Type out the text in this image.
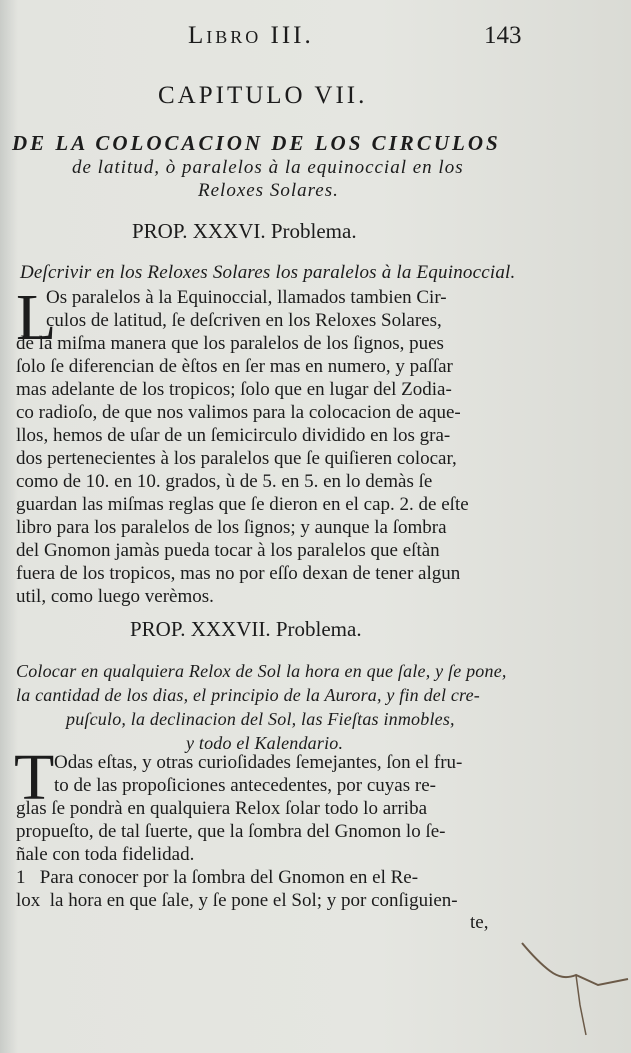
Libro III.	143
CAPITULO VII.
DE LA COLOCACION DE LOS CIRCULOS
de latitud, ò paralelos à la equinoccial en los
Reloxes Solares.
PROP. XXXVI. Problema.
Deſcrivir en los Reloxes Solares los paralelos à la Equinoccial.
L
Os paralelos à la Equinoccial, llamados tambien Cir-
culos de latitud, ſe deſcriven en los Reloxes Solares,
de la miſma manera que los paralelos de los ſignos, pues
ſolo ſe diferencian de èſtos en ſer mas en numero, y paſſar
mas adelante de los tropicos; ſolo que en lugar del Zodia-
co radioſo, de que nos valimos para la colocacion de aque-
llos, hemos de uſar de un ſemicirculo dividido en los gra-
dos pertenecientes à los paralelos que ſe quiſieren colocar,
como de 10. en 10. grados, ù de 5. en 5. en lo demàs ſe
guardan las miſmas reglas que ſe dieron en el cap. 2. de eſte
libro para los paralelos de los ſignos; y aunque la ſombra
del Gnomon jamàs pueda tocar à los paralelos que eſtàn
fuera de los tropicos, mas no por eſſo dexan de tener algun
util, como luego verèmos.
PROP. XXXVII. Problema.
Colocar en qualquiera Relox de Sol la hora en que ſale, y ſe pone,
la cantidad de los dias, el principio de la Aurora, y fin del cre-
puſculo, la declinacion del Sol, las Fieſtas inmobles,
y todo el Kalendario.
T Odas eſtas, y otras curioſidades ſemejantes, ſon el fru-
to de las propoſiciones antecedentes, por cuyas re-
glas ſe pondrà en qualquiera Relox ſolar todo lo arriba
propueſto, de tal ſuerte, que la ſombra del Gnomon lo ſe-
ñale con toda fidelidad.
1   Para conocer por la ſombra del Gnomon en el Re-
lox  la hora en que ſale, y ſe pone el Sol; y por conſiguien-
te,
